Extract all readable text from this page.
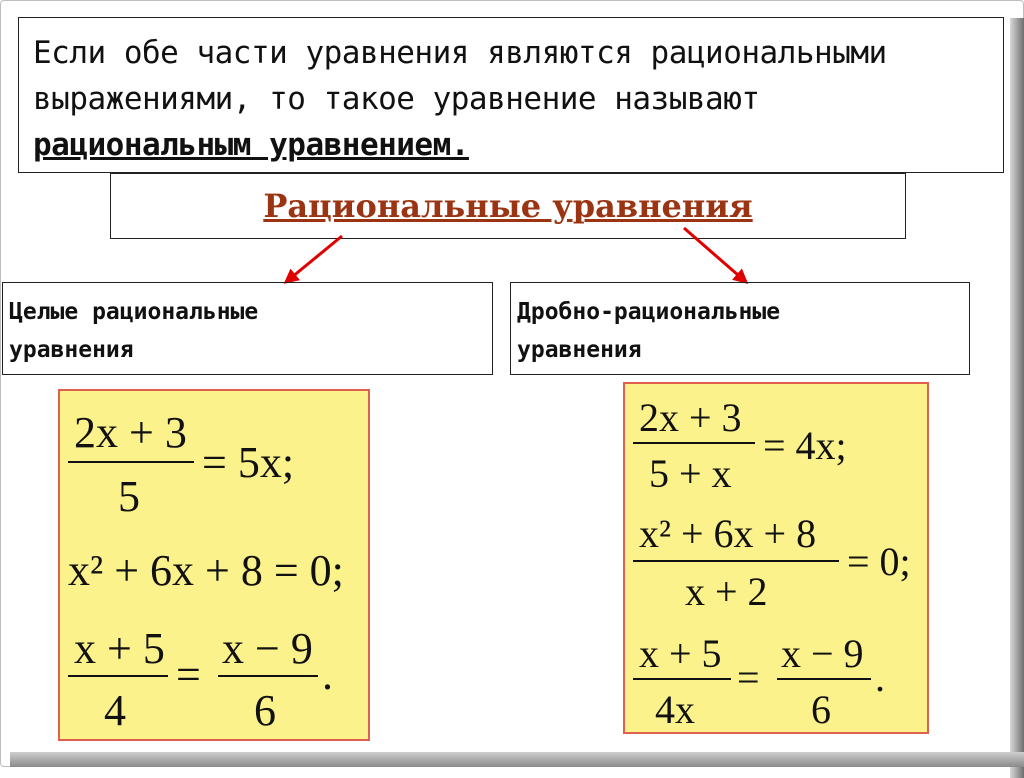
Если обе части уравнения являются рациональными
выражениями, то такое уравнение называют
рациональным уравнением.
Рациональные уравнения
Целые рациональные
уравнения
Дробно-рациональные
уравнения
2x + 3
5
= 5x;
x² + 6x + 8 = 0;
x + 5
4
=
x − 9
6
.
2x + 3
5 + x
= 4x;
x² + 6x + 8
x + 2
= 0;
x + 5
4x
=
x − 9
6
.
